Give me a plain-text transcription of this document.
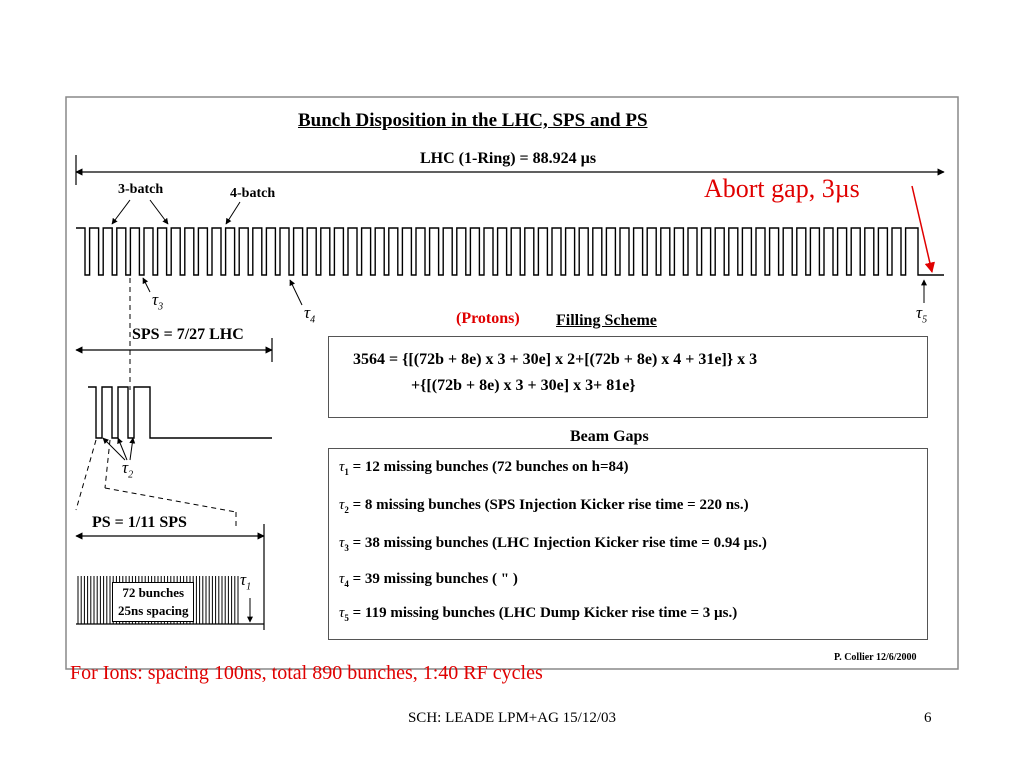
Bunch Disposition in the LHC, SPS and PS
LHC (1-Ring) = 88.924 µs
Abort gap, 3µs
3-batch	4-batch
$\tau_3$	$\tau_4$	$\tau_5$
$\tau_2$
$\tau_1$
SPS = 7/27 LHC
PS = 1/11 SPS
72 bunches
25ns spacing
(Protons) Filling Scheme
3564 = {[(72b + 8e) x 3 + 30e] x 2+[(72b + 8e) x 4 + 31e]} x 3
+{[(72b + 8e) x 3 + 30e] x 3+ 81e}
Beam Gaps
$\tau_1 = 12$ missing bunches (72 bunches on h=84)
$\tau_2 = 8$ missing bunches (SPS Injection Kicker rise time = 220 ns.)
$\tau_3 = 38$ missing bunches (LHC Injection Kicker rise time = 0.94 µs.)
$\tau_4 = 39$ missing bunches ( " )
$\tau_5 = 119$ missing bunches (LHC Dump Kicker rise time = 3 µs.)
P. Collier 12/6/2000
For Ions: spacing 100ns, total 890 bunches, 1:40 RF cycles
SCH: LEADE LPM+AG 15/12/03	6
